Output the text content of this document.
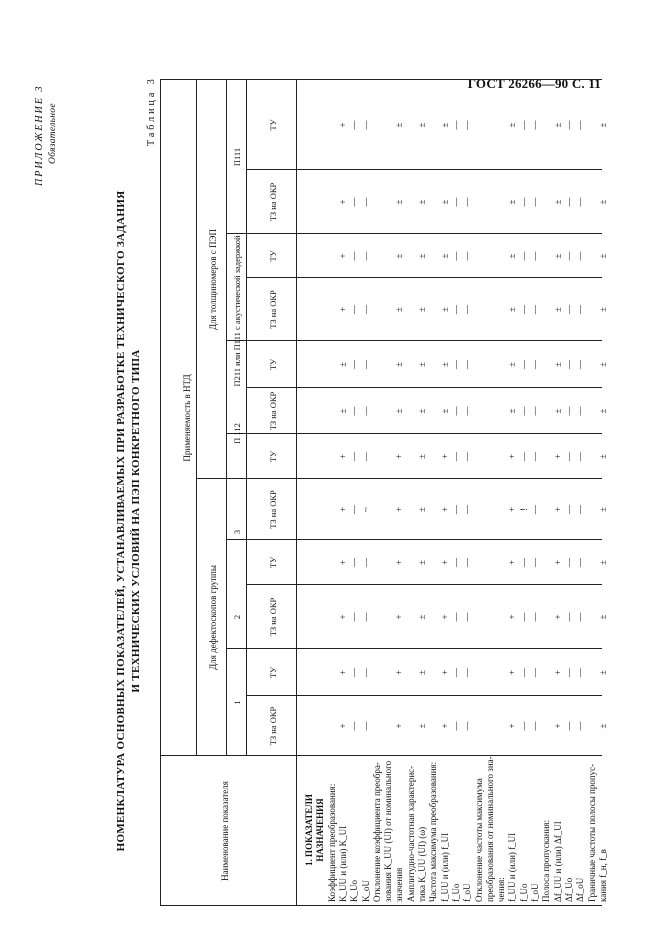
ГОСТ 26266—90 С. 11
ПРИЛОЖЕНИЕ 3 Обязательное
НОМЕНКЛАТУРА ОСНОВНЫХ ПОКАЗАТЕЛЕЙ, УСТАНАВЛИВАЕМЫХ ПРИ РАЗРАБОТКЕ ТЕХНИЧЕСКОГО ЗАДАНИЯ И ТЕХНИЧЕСКИХ УСЛОВИЙ НА ПЭП КОНКРЕТНОГО ТИПА
Таблица 3
Наименование показателя
Применяемость в НТД
Для дефектоскопов группы
Для толщиномеров с ПЭП
1
2
3
П 112
П211 или П111 с акустической задержкой
П111
ТЗ на ОКР
ТУ
ТЗ на ОКР
ТУ
ТЗ на ОКР
ТУ
ТЗ на ОКР
ТУ
ТЗ на ОКР
ТУ
ТЗ на ОКР
ТУ
1. ПОКАЗАТЕЛИ НАЗНАЧЕНИЯ Коэффициент преобразования: K_UU и (или) K_UI
+
+
+
+
+
+
±
±
+
+
+
+
K_Uo
—
—
—
—
—
—
—
—
—
—
—
—
K_oU
—
—
—
—
~
—
—
—
—
—
—
—
Отклонение коэффициента преобра- зования K_UU (UI) от номинального значения
+
+
+
+
+
+
±
±
±
±
±
±
Амплитудно-частотная характерис- тика K_UU (UI) (ω)
±
±
±
±
±
±
±
±
±
±
±
±
Частота максимума преобразования: f_UU и (или) f_UI
+
+
+
+
+
+
±
±
±
±
±
±
f_Uo
—
—
—
—
—
—
—
—
—
—
—
—
f_oU
—
—
—
—
—
—
—
—
—
—
—
—
Отклонение частоты максимума преобразования от номинального зна- чения: f_UU и (или) f_UI
+
+
+
+
+
+
±
±
±
±
±
±
f_Uo
—
—
—
—
!
—
—
—
—
—
—
—
f_oU
—
—
—
—
—
—
—
—
—
—
—
—
Полоса пропускания: Δf_UU и (или) Δf_UI
+
+
+
+
+
+
±
±
±
±
±
±
Δf_Uo
—
—
—
—
—
—
—
—
—
—
—
—
Δf_oU
—
—
—
—
—
—
—
—
—
—
—
—
Граничные частоты полосы пропус- кания f_н, f_в
±
±
±
±
±
±
±
±
±
±
±
±
